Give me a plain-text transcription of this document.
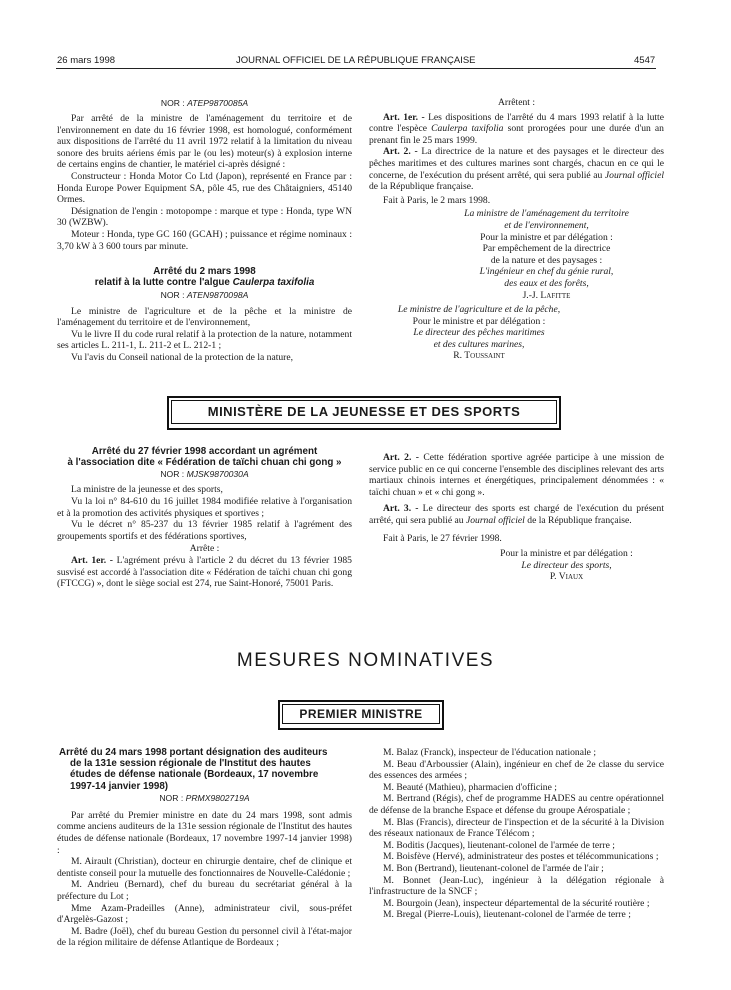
26 mars 1998	JOURNAL OFFICIEL DE LA RÉPUBLIQUE FRANÇAISE	4547
NOR : ATEP9870085A

Par arrêté de la ministre de l'aménagement du territoire et de l'environnement en date du 16 février 1998, est homologué, conformément aux dispositions de l'arrêté du 11 avril 1972 relatif à la limitation du niveau sonore des bruits aériens émis par le (ou les) moteur(s) à explosion interne de certains engins de chantier, le matériel ci-après désigné :

Constructeur : Honda Motor Co Ltd (Japon), représenté en France par : Honda Europe Power Equipment SA, pôle 45, rue des Châtaigniers, 45140 Ormes.

Désignation de l'engin : motopompe : marque et type : Honda, type WN 30 (WZBW).

Moteur : Honda, type GC 160 (GCAH) ; puissance et régime nominaux : 3,70 kW à 3 600 tours par minute.

Arrêté du 2 mars 1998
relatif à la lutte contre l'algue Caulerpa taxifolia
NOR : ATEN9870098A

Le ministre de l'agriculture et de la pêche et la ministre de l'aménagement du territoire et de l'environnement,

Vu le livre II du code rural relatif à la protection de la nature, notamment ses articles L. 211-1, L. 211-2 et L. 212-1 ;

Vu l'avis du Conseil national de la protection de la nature,

Arrêtent :

Art. 1er. - Les dispositions de l'arrêté du 4 mars 1993 relatif à la lutte contre l'espèce Caulerpa taxifolia sont prorogées pour une durée d'un an prenant fin le 25 mars 1999.

Art. 2. - La directrice de la nature et des paysages et le directeur des pêches maritimes et des cultures marines sont chargés, chacun en ce qui le concerne, de l'exécution du présent arrêté, qui sera publié au Journal officiel de la République française.

Fait à Paris, le 2 mars 1998.

La ministre de l'aménagement du territoire
et de l'environnement,
Pour la ministre et par délégation :
Par empêchement de la directrice
de la nature et des paysages :
L'ingénieur en chef du génie rural,
des eaux et des forêts,
J.-J. Lafitte
Le ministre de l'agriculture et de la pêche,
Pour le ministre et par délégation :
Le directeur des pêches maritimes
et des cultures marines,
R. Toussaint
MINISTÈRE DE LA JEUNESSE ET DES SPORTS
Arrêté du 27 février 1998 accordant un agrément
à l'association dite « Fédération de taïchi chuan chi gong »
NOR : MJSK9870030A

La ministre de la jeunesse et des sports,

Vu la loi n° 84-610 du 16 juillet 1984 modifiée relative à l'organisation et à la promotion des activités physiques et sportives ;

Vu le décret n° 85-237 du 13 février 1985 relatif à l'agrément des groupements sportifs et des fédérations sportives,

Arrête :

Art. 1er. - L'agrément prévu à l'article 2 du décret du 13 février 1985 susvisé est accordé à l'association dite « Fédération de taïchi chuan chi gong (FTCCG) », dont le siège social est 274, rue Saint-Honoré, 75001 Paris.

Art. 2. - Cette fédération sportive agréée participe à une mission de service public en ce qui concerne l'ensemble des disciplines relevant des arts martiaux chinois internes et énergétiques, principalement dénommées : « taïchi chuan » et « chi gong ».

Art. 3. - Le directeur des sports est chargé de l'exécution du présent arrêté, qui sera publié au Journal officiel de la République française.

Fait à Paris, le 27 février 1998.

Pour la ministre et par délégation :
Le directeur des sports,
P. Viaux
MESURES NOMINATIVES
PREMIER MINISTRE
Arrêté du 24 mars 1998 portant désignation des auditeurs
de la 131e session régionale de l'Institut des hautes
études de défense nationale (Bordeaux, 17 novembre
1997-14 janvier 1998)
NOR : PRMX9802719A

Par arrêté du Premier ministre en date du 24 mars 1998, sont admis comme anciens auditeurs de la 131e session régionale de l'Institut des hautes études de défense nationale (Bordeaux, 17 novembre 1997-14 janvier 1998) :

M. Airault (Christian), docteur en chirurgie dentaire, chef de clinique et dentiste conseil pour la mutuelle des fonctionnaires de Nouvelle-Calédonie ;

M. Andrieu (Bernard), chef du bureau du secrétariat général à la préfecture du Lot ;

Mme Azam-Pradeilles (Anne), administrateur civil, sous-préfet d'Argelès-Gazost ;

M. Badre (Joël), chef du bureau Gestion du personnel civil à l'état-major de la région militaire de défense Atlantique de Bordeaux ;

M. Balaz (Franck), inspecteur de l'éducation nationale ;

M. Beau d'Arboussier (Alain), ingénieur en chef de 2e classe du service des essences des armées ;

M. Beauté (Mathieu), pharmacien d'officine ;

M. Bertrand (Régis), chef de programme HADES au centre opérationnel de défense de la branche Espace et défense du groupe Aérospatiale ;

M. Blas (Francis), directeur de l'inspection et de la sécurité à la Division des réseaux nationaux de France Télécom ;

M. Boditis (Jacques), lieutenant-colonel de l'armée de terre ;

M. Boisfève (Hervé), administrateur des postes et télécommunications ;

M. Bon (Bertrand), lieutenant-colonel de l'armée de l'air ;

M. Bonnet (Jean-Luc), ingénieur à la délégation régionale à l'infrastructure de la SNCF ;

M. Bourgoin (Jean), inspecteur départemental de la sécurité routière ;

M. Bregal (Pierre-Louis), lieutenant-colonel de l'armée de terre ;
